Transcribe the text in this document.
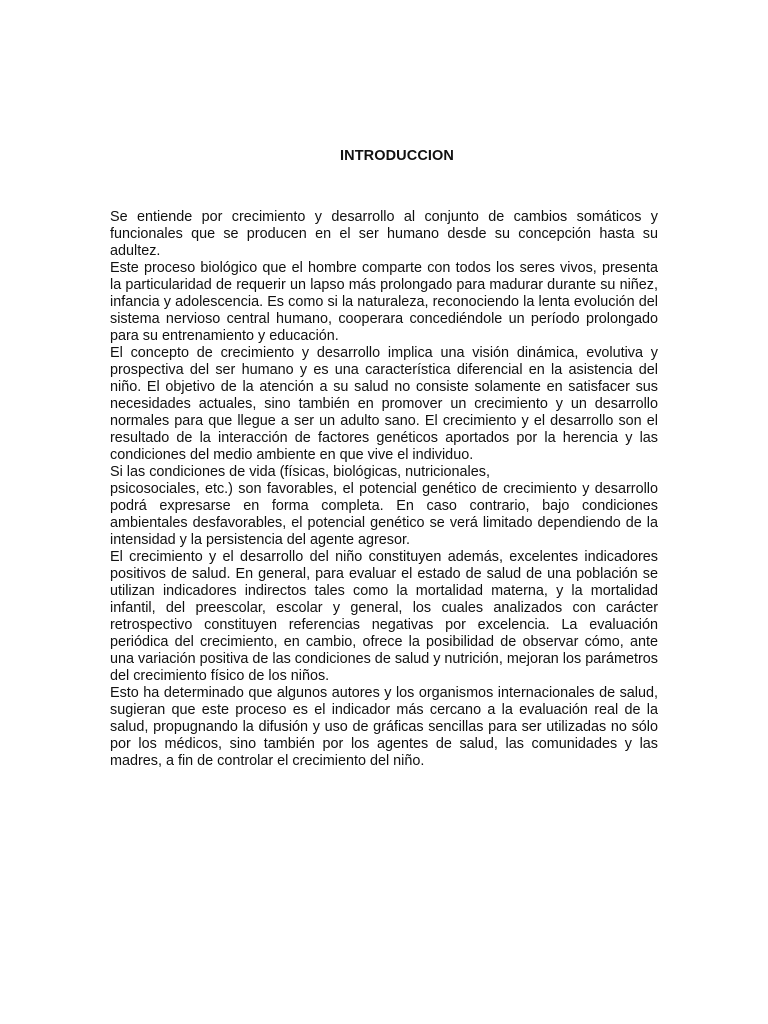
INTRODUCCION

Se entiende por crecimiento y desarrollo al conjunto de cambios somáticos y funcionales que se producen en el ser humano desde su concepción hasta su adultez.

Este proceso biológico que el hombre comparte con todos los seres vivos, presenta la particularidad de requerir un lapso más prolongado para madurar durante su niñez, infancia y adolescencia. Es como si la naturaleza, reconociendo la lenta evolución del sistema nervioso central humano, cooperara concediéndole un período prolongado para su entrenamiento y educación.

El concepto de crecimiento y desarrollo implica una visión dinámica, evolutiva y prospectiva del ser humano y es una característica diferencial en la asistencia del niño. El objetivo de la atención a su salud no consiste solamente en satisfacer sus necesidades actuales, sino también en promover un crecimiento y un desarrollo normales para que llegue a ser un adulto sano. El crecimiento y el desarrollo son el resultado de la interacción de factores genéticos aportados por la herencia y las condiciones del medio ambiente en que vive el individuo.

Si las condiciones de vida (físicas, biológicas, nutricionales,

psicosociales, etc.) son favorables, el potencial genético de crecimiento y desarrollo podrá expresarse en forma completa. En caso contrario, bajo condiciones ambientales desfavorables, el potencial genético se verá limitado dependiendo de la intensidad y la persistencia del agente agresor.

El crecimiento y el desarrollo del niño constituyen además, excelentes indicadores positivos de salud. En general, para evaluar el estado de salud de una población se utilizan indicadores indirectos tales como la mortalidad materna, y la mortalidad infantil, del preescolar, escolar y general, los cuales analizados con carácter retrospectivo constituyen referencias negativas por excelencia. La evaluación periódica del crecimiento, en cambio, ofrece la posibilidad de observar cómo, ante una variación positiva de las condiciones de salud y nutrición, mejoran los parámetros del crecimiento físico de los niños.

Esto ha determinado que algunos autores y los organismos internacionales de salud, sugieran que este proceso es el indicador más cercano a la evaluación real de la salud, propugnando la difusión y uso de gráficas sencillas para ser utilizadas no sólo por los médicos, sino también por los agentes de salud, las comunidades y las madres, a fin de controlar el crecimiento del niño.
